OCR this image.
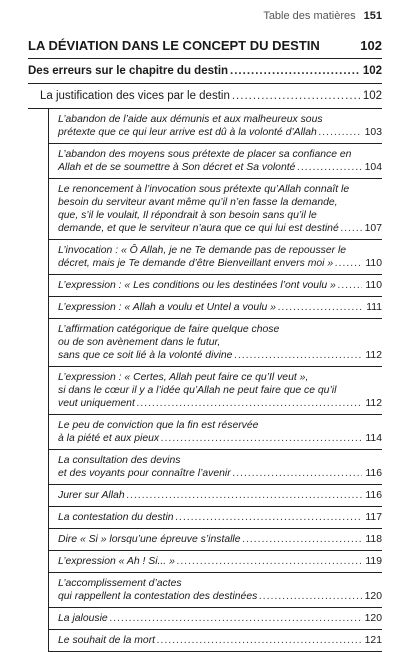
Table des matières 151
LA DÉVIATION DANS LE CONCEPT DU DESTIN	102
Des erreurs sur le chapitre du destin .....	102
La justification des vices par le destin .....	102
L’abandon de l’aide aux démunis et aux malheureux sous
prétexte que ce qui leur arrive est dû à la volonté d’Allah .....	103
L’abandon des moyens sous prétexte de placer sa confiance en
Allah et de se soumettre à Son décret et Sa volonté .....	104
Le renoncement à l’invocation sous prétexte qu’Allah connaît le
besoin du serviteur avant même qu’il n’en fasse la demande,
que, s’il le voulait, Il répondrait à son besoin sans qu’il le
demande, et que le serviteur n’aura que ce qui lui est destiné ..... 107
L’invocation : « Ô Allah, je ne Te demande pas de repousser le
décret, mais je Te demande d’être Bienveillant envers moi » .....	110
L’expression : « Les conditions ou les destinées l’ont voulu » .....	110
L’expression : « Allah a voulu et Untel a voulu » .....	111
L’affirmation catégorique de faire quelque chose
ou de son avènement dans le futur,
sans que ce soit lié à la volonté divine .....	112
L’expression : « Certes, Allah peut faire ce qu’Il veut »,
si dans le cœur il y a l’idée qu’Allah ne peut faire que ce qu’il
veut uniquement .....	112
Le peu de conviction que la fin est réservée
à la piété et aux pieux .....	114
La consultation des devins
et des voyants pour connaître l’avenir .....	116
Jurer sur Allah .....	116
La contestation du destin .....	117
Dire « Si » lorsqu’une épreuve s’installe .....	118
L’expression « Ah ! Si... » .....	119
L’accomplissement d’actes
qui rappellent la contestation des destinées .....	120
La jalousie .....	120
Le souhait de la mort .....	121
